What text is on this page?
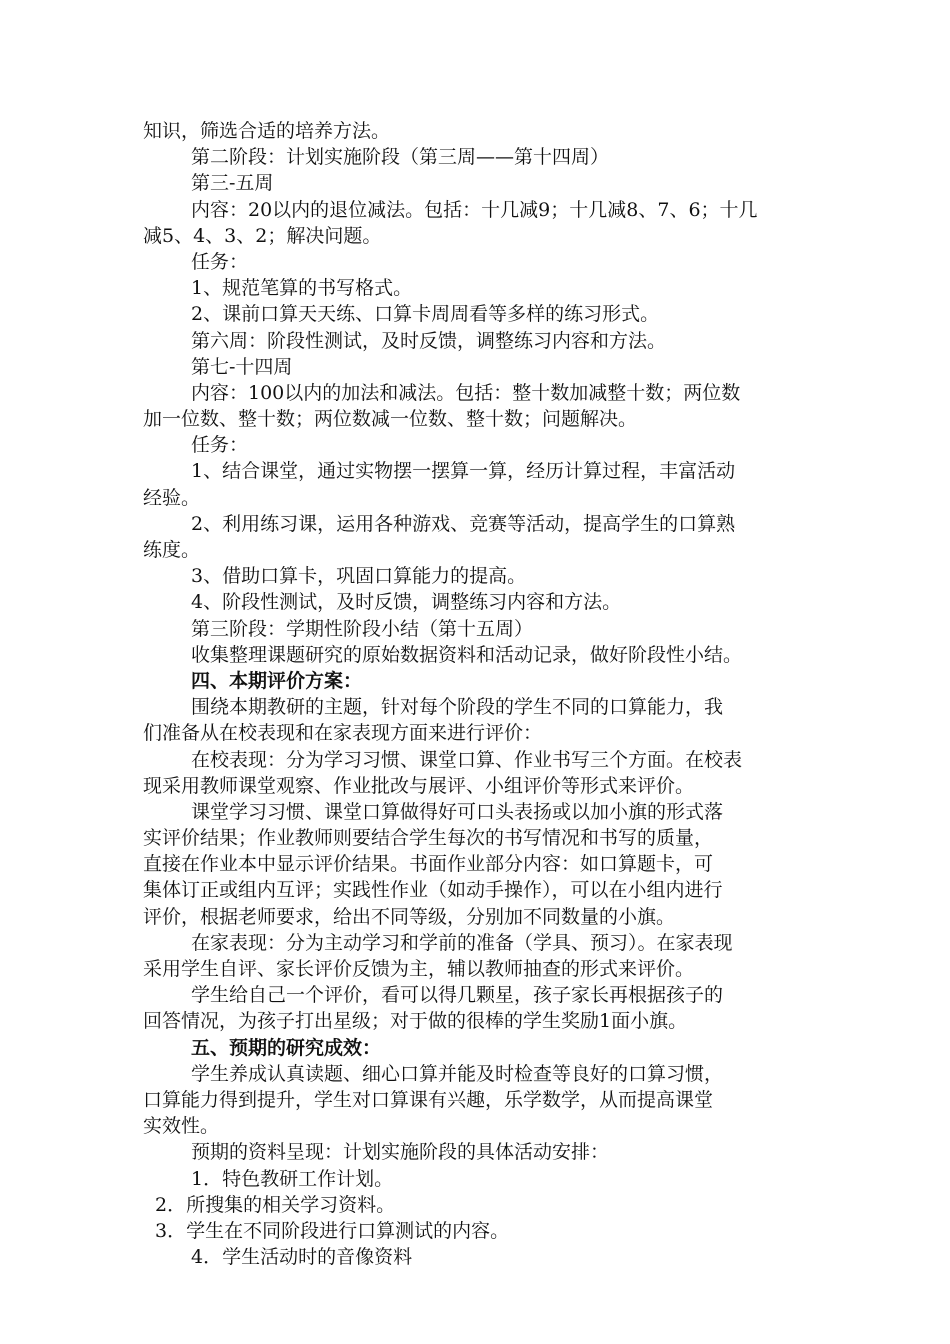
知识，筛选合适的培养方法。
第二阶段：计划实施阶段（第三周——第十四周）
第三-五周
内容：20以内的退位减法。包括：十几减9；十几减8、7、6；十几
减5、4、3、2；解决问题。
任务：
1、规范笔算的书写格式。
2、课前口算天天练、口算卡周周看等多样的练习形式。
第六周：阶段性测试，及时反馈，调整练习内容和方法。
第七-十四周
内容：100以内的加法和减法。包括：整十数加减整十数；两位数
加一位数、整十数；两位数减一位数、整十数；问题解决。
任务：
1、结合课堂，通过实物摆一摆算一算，经历计算过程，丰富活动
经验。
2、利用练习课，运用各种游戏、竞赛等活动，提高学生的口算熟
练度。
3、借助口算卡，巩固口算能力的提高。
4、阶段性测试，及时反馈，调整练习内容和方法。
第三阶段：学期性阶段小结（第十五周）
收集整理课题研究的原始数据资料和活动记录，做好阶段性小结。
四、本期评价方案：
围绕本期教研的主题，针对每个阶段的学生不同的口算能力，我
们准备从在校表现和在家表现方面来进行评价：
在校表现：分为学习习惯、课堂口算、作业书写三个方面。在校表
现采用教师课堂观察、作业批改与展评、小组评价等形式来评价。
课堂学习习惯、课堂口算做得好可口头表扬或以加小旗的形式落
实评价结果；作业教师则要结合学生每次的书写情况和书写的质量，
直接在作业本中显示评价结果。书面作业部分内容：如口算题卡，可
集体订正或组内互评；实践性作业（如动手操作），可以在小组内进行
评价，根据老师要求，给出不同等级，分别加不同数量的小旗。
在家表现：分为主动学习和学前的准备（学具、预习）。在家表现
采用学生自评、家长评价反馈为主，辅以教师抽查的形式来评价。
学生给自己一个评价，看可以得几颗星，孩子家长再根据孩子的
回答情况，为孩子打出星级；对于做的很棒的学生奖励1面小旗。
五、预期的研究成效：
学生养成认真读题、细心口算并能及时检查等良好的口算习惯，
口算能力得到提升，学生对口算课有兴趣，乐学数学，从而提高课堂
实效性。
预期的资料呈现：计划实施阶段的具体活动安排：
1．特色教研工作计划。
2．所搜集的相关学习资料。
3．学生在不同阶段进行口算测试的内容。
4．学生活动时的音像资料
